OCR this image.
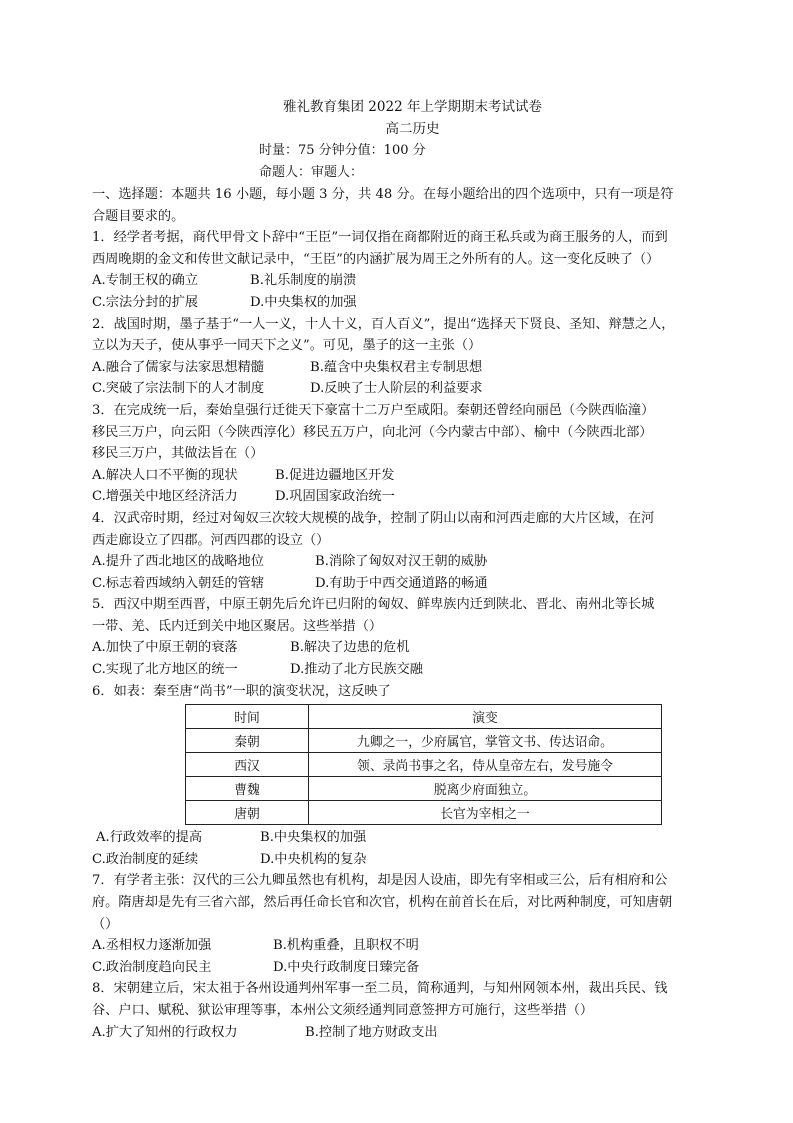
雅礼教育集团 2022 年上学期期末考试试卷
高二历史
时量：75 分钟分值：100 分
命题人：审题人：
一、选择题：本题共 16 小题，每小题 3 分，共 48 分。在每小题给出的四个选项中，只有一项是符
合题目要求的。
1．经学者考据，商代甲骨文卜辞中“王臣”一词仅指在商都附近的商王私兵或为商王服务的人，而到
西周晚期的金文和传世文献记录中，“王臣”的内涵扩展为周王之外所有的人。这一变化反映了（）
A.专制王权的确立	B.礼乐制度的崩溃
C.宗法分封的扩展	D.中央集权的加强
2．战国时期，墨子基于“一人一义，十人十义，百人百义”，提出“选择天下贤良、圣知、辩慧之人，
立以为天子，使从事乎一同天下之义”。可见，墨子的这一主张（）
A.融合了儒家与法家思想精髓	B.蕴含中央集权君主专制思想
C.突破了宗法制下的人才制度	D.反映了士人阶层的利益要求
3．在完成统一后，秦始皇强行迁徙天下豪富十二万户至咸阳。秦朝还曾经向丽邑（今陕西临潼）
移民三万户，向云阳（今陕西淳化）移民五万户，向北河（今内蒙古中部）、榆中（今陕西北部）
移民三万户，其做法旨在（）
A.解决人口不平衡的现状	B.促进边疆地区开发
C.增强关中地区经济活力	D.巩固国家政治统一
4．汉武帝时期，经过对匈奴三次较大规模的战争，控制了阴山以南和河西走廊的大片区域，在河
西走廊设立了四郡。河西四郡的设立（）
A.提升了西北地区的战略地位	B.消除了匈奴对汉王朝的威胁
C.标志着西域纳入朝廷的管辖	D.有助于中西交通道路的畅通
5．西汉中期至西晋，中原王朝先后允许已归附的匈奴、鲜卑族内迁到陕北、晋北、南州北等长城
一带、羌、氐内迁到关中地区聚居。这些举措（）
A.加快了中原王朝的衰落	B.解决了边患的危机
C.实现了北方地区的统一	D.推动了北方民族交融
6．如表：秦至唐“尚书”一职的演变状况，这反映了
时间	演变
秦朝	九卿之一，少府属官，掌管文书、传达诏命。
西汉	领、录尚书事之名，侍从皇帝左右，发号施令
曹魏	脱离少府面独立。
唐朝	长官为宰相之一
A.行政效率的提高	B.中央集权的加强
C.政治制度的延续	D.中央机构的复杂
7．有学者主张：汉代的三公九卿虽然也有机构，却是因人设庙，即先有宰相或三公，后有相府和公
府。隋唐却是先有三省六部，然后再任命长官和次官，机构在前首长在后，对比两种制度，可知唐朝
（）
A.丞相权力逐渐加强	B.机构重叠，且职权不明
C.政治制度趋向民主	D.中央行政制度日臻完备
8．宋朝建立后，宋太祖于各州设通判州军事一至二员，简称通判，与知州网领本州，裁出兵民、钱
谷、户口、赋税、狱讼审理等事，本州公文须经通判同意签押方可施行，这些举措（）
A.扩大了知州的行政权力	B.控制了地方财政支出
